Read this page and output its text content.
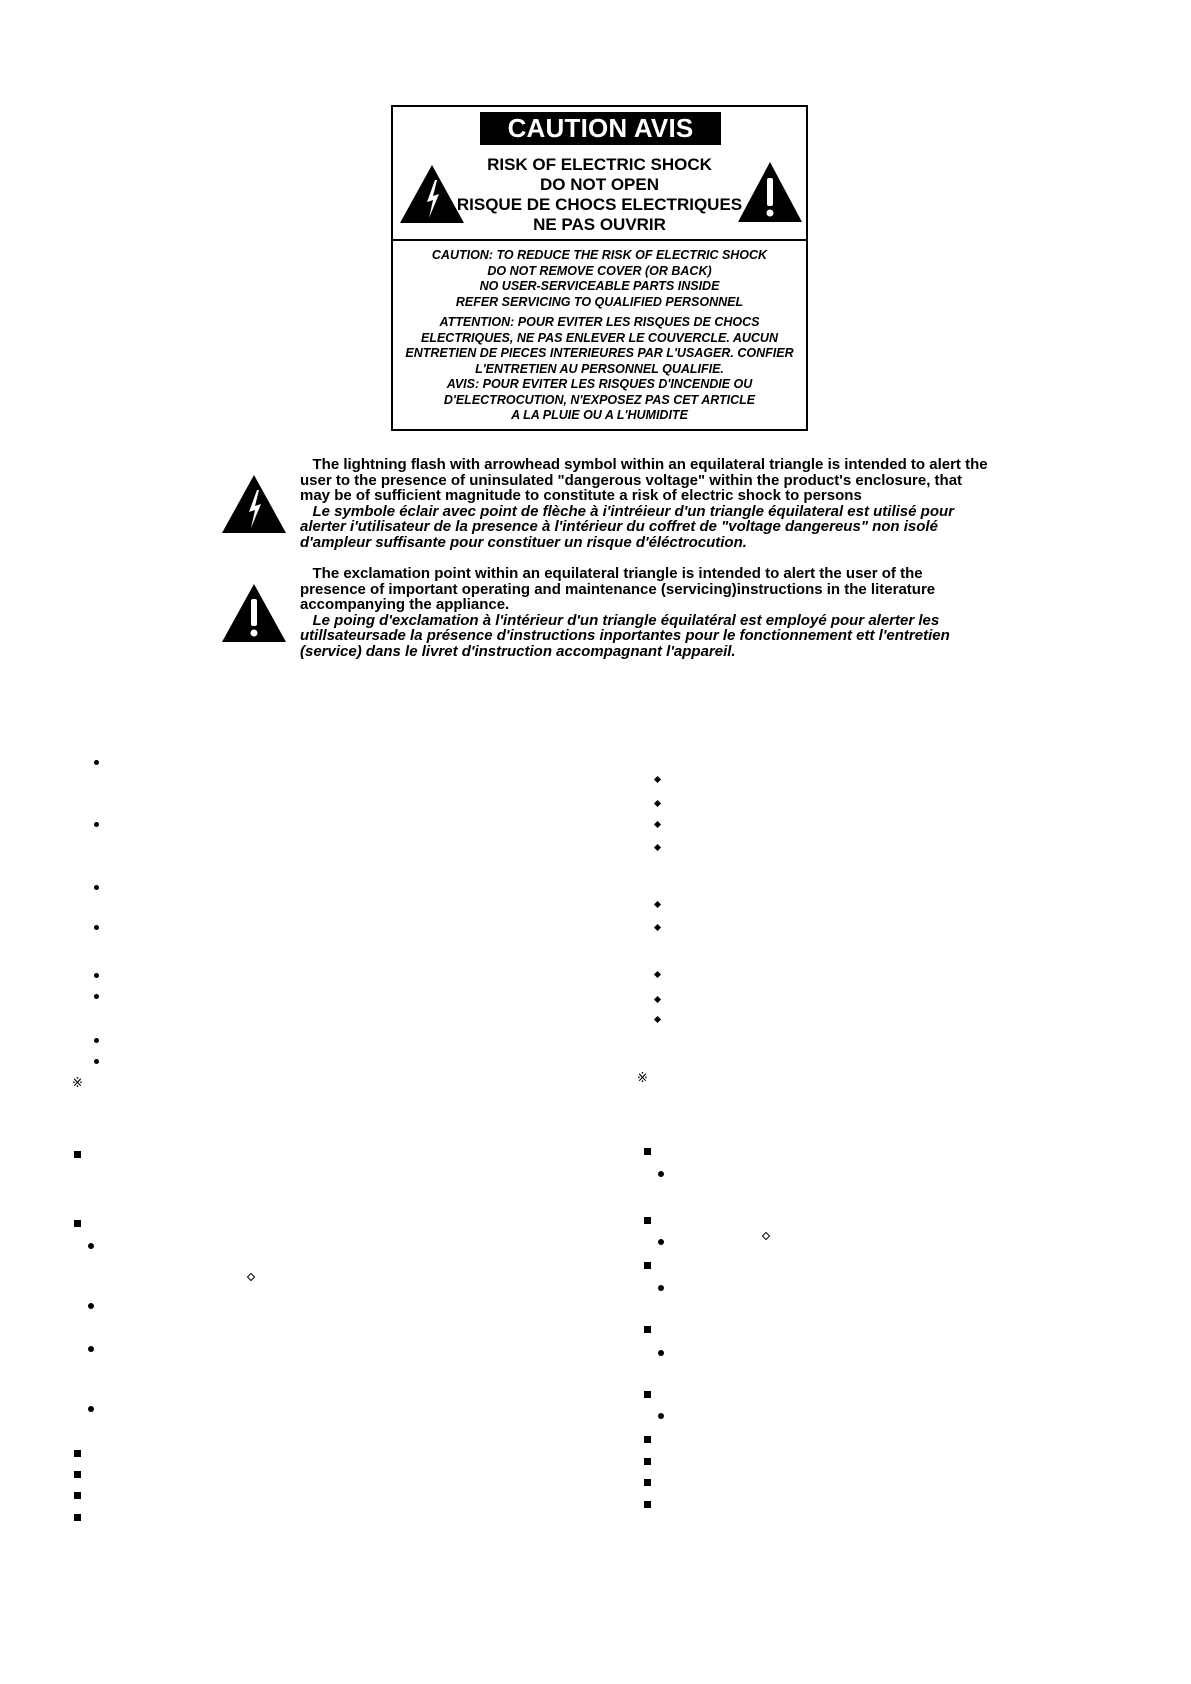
CAUTION AVIS
RISK OF ELECTRIC SHOCK
DO NOT OPEN
RISQUE DE CHOCS ELECTRIQUES
NE PAS OUVRIR
CAUTION: TO REDUCE THE RISK OF ELECTRIC SHOCK
DO NOT REMOVE COVER (OR BACK)
NO USER-SERVICEABLE PARTS INSIDE
REFER SERVICING TO QUALIFIED PERSONNEL
ATTENTION: POUR EVITER LES RISQUES DE CHOCS
ELECTRIQUES, NE PAS ENLEVER LE COUVERCLE. AUCUN
ENTRETIEN DE PIECES INTERIEURES PAR L'USAGER. CONFIER
L'ENTRETIEN AU PERSONNEL QUALIFIE.
AVIS: POUR EVITER LES RISQUES D'INCENDIE OU
D'ELECTROCUTION, N'EXPOSEZ PAS CET ARTICLE
A LA PLUIE OU A L'HUMIDITE
The lightning flash with arrowhead symbol within an equilateral triangle is intended to alert the
user to the presence of uninsulated "dangerous voltage" within the product's enclosure, that
may be of sufficient magnitude to constitute a risk of electric shock to persons
Le symbole éclair avec point de flèche à i'intréieur d'un triangle équilateral est utilisé pour
alerter i'utilisateur de la presence à l'intérieur du coffret de "voltage dangereus" non isolé
d'ampleur suffisante pour constituer un risque d'éléctrocution.
The exclamation point within an equilateral triangle is intended to alert the user of the
presence of important operating and maintenance (servicing)instructions in the literature
accompanying the appliance.
Le poing d'exclamation à l'intérieur d'un triangle équilatéral est employé pour alerter les
utillsateursade la présence d'instructions inportantes pour le fonctionnement ett l'entretien
(service) dans le livret d'instruction accompagnant l'appareil.
※	※
